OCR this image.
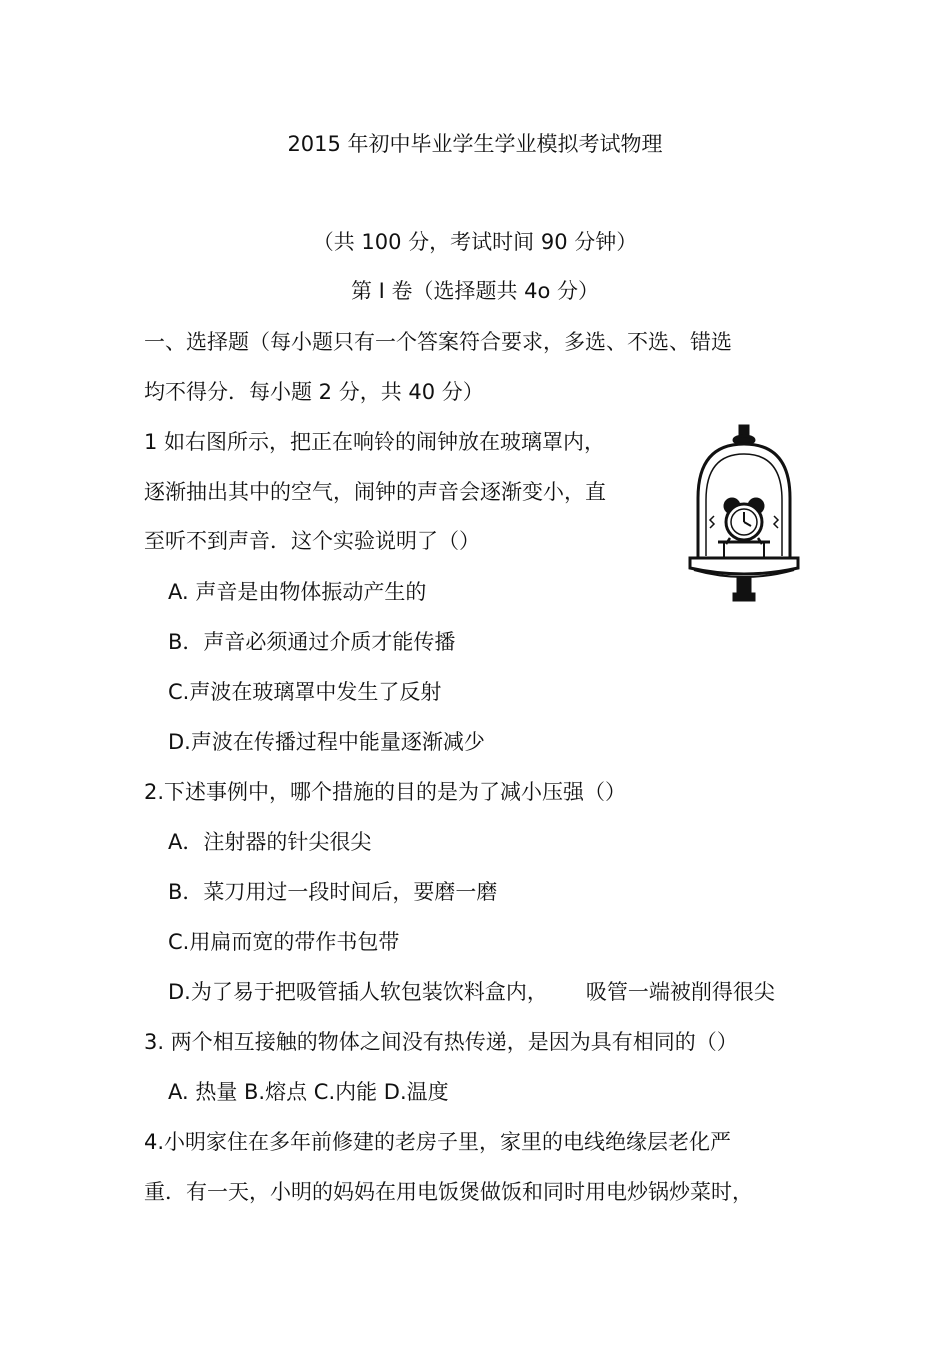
2015 年初中毕业学生学业模拟考试物理
（共 100 分，考试时间 90 分钟）
第 I 卷（选择题共 4o 分）
一、选择题（每小题只有一个答案符合要求，多选、不选、错选
均不得分．每小题 2 分，共 40 分）
1 如右图所示，把正在响铃的闹钟放在玻璃罩内，
逐渐抽出其中的空气，闹钟的声音会逐渐变小，直
至听不到声音．这个实验说明了（）
A. 声音是由物体振动产生的
B．声音必须通过介质才能传播
C.声波在玻璃罩中发生了反射
D.声波在传播过程中能量逐渐减少
2.下述事例中，哪个措施的目的是为了减小压强（）
A．注射器的针尖很尖
B．菜刀用过一段时间后，要磨一磨
C.用扁而宽的带作书包带
D.为了易于把吸管插人软包装饮料盒内， 吸管一端被削得很尖
3. 两个相互接触的物体之间没有热传递，是因为具有相同的（）
A. 热量 B.熔点 C.内能 D.温度
4.小明家住在多年前修建的老房子里，家里的电线绝缘层老化严
重．有一天，小明的妈妈在用电饭煲做饭和同时用电炒锅炒菜时，
